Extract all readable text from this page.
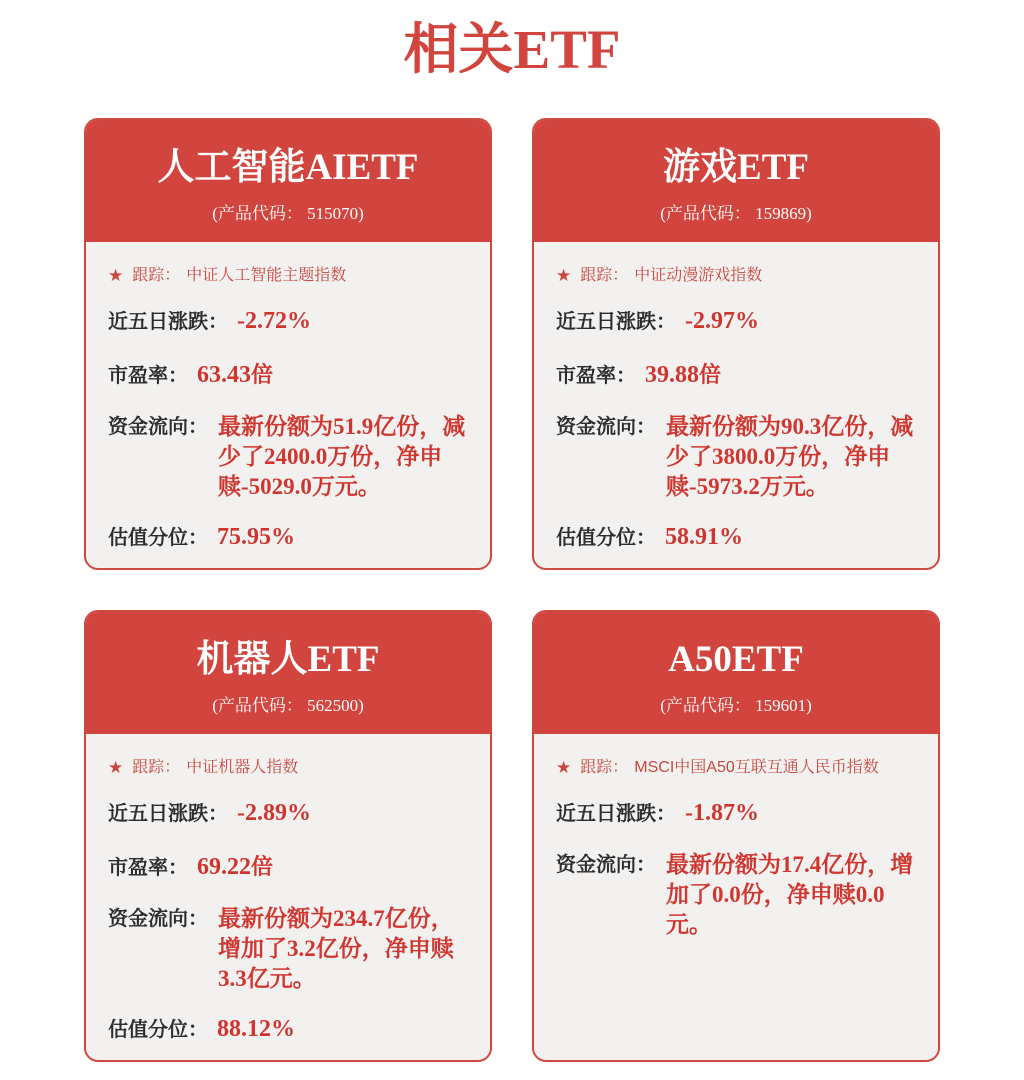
相关ETF
人工智能AIETF
(产品代码： 515070)
★ 跟踪： 中证人工智能主题指数
近五日涨跌： -2.72%
市盈率： 63.43 倍
资金流向： 最新份额为51.9亿份，减少了2400.0万份，净申赎-5029.0万元。
估值分位： 75.95%
游戏ETF
(产品代码： 159869)
★ 跟踪： 中证动漫游戏指数
近五日涨跌： -2.97%
市盈率： 39.88 倍
资金流向： 最新份额为90.3亿份，减少了3800.0万份，净申赎-5973.2万元。
估值分位： 58.91%
机器人ETF
(产品代码： 562500)
★ 跟踪： 中证机器人指数
近五日涨跌： -2.89%
市盈率： 69.22 倍
资金流向： 最新份额为234.7亿份，增加了3.2亿份，净申赎3.3亿元。
估值分位： 88.12%
A50ETF
(产品代码： 159601)
★ 跟踪： MSCI中国A50互联互通人民币指数
近五日涨跌： -1.87%
资金流向： 最新份额为17.4亿份，增加了0.0份，净申赎0.0元。
